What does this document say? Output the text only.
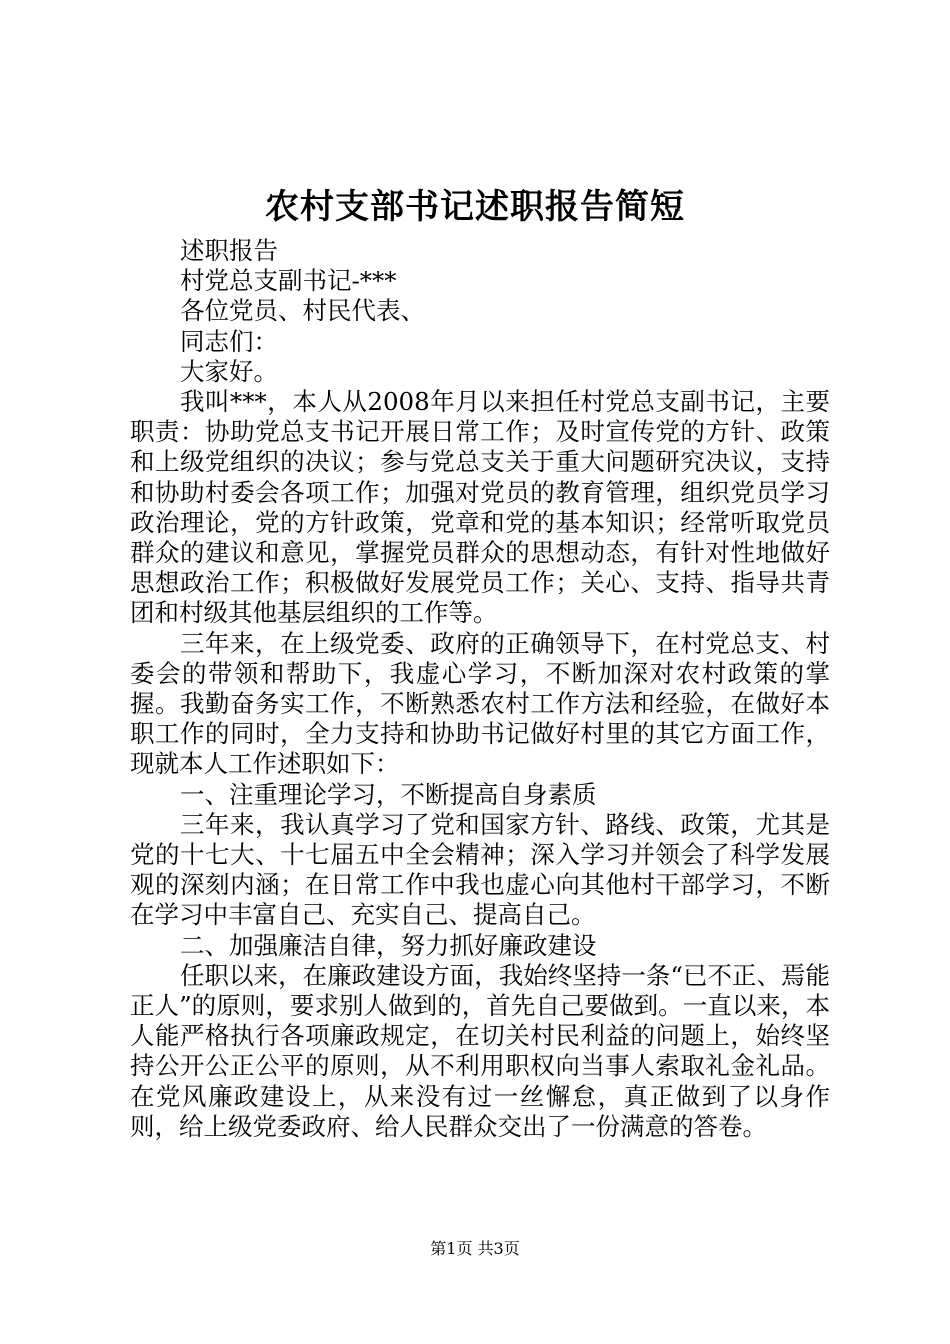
农村支部书记述职报告简短

述职报告

村党总支副书记-***

各位党员、村民代表、

同志们：

大家好。

我叫***，本人从2008年月以来担任村党总支副书记，主要职责：协助党总支书记开展日常工作；及时宣传党的方针、政策和上级党组织的决议；参与党总支关于重大问题研究决议，支持和协助村委会各项工作；加强对党员的教育管理，组织党员学习政治理论，党的方针政策，党章和党的基本知识；经常听取党员群众的建议和意见，掌握党员群众的思想动态，有针对性地做好思想政治工作；积极做好发展党员工作；关心、支持、指导共青团和村级其他基层组织的工作等。

三年来，在上级党委、政府的正确领导下，在村党总支、村委会的带领和帮助下，我虚心学习，不断加深对农村政策的掌握。我勤奋务实工作，不断熟悉农村工作方法和经验，在做好本职工作的同时，全力支持和协助书记做好村里的其它方面工作，现就本人工作述职如下：

一、注重理论学习，不断提高自身素质

三年来，我认真学习了党和国家方针、路线、政策，尤其是党的十七大、十七届五中全会精神；深入学习并领会了科学发展观的深刻内涵；在日常工作中我也虚心向其他村干部学习，不断在学习中丰富自己、充实自己、提高自己。

二、加强廉洁自律，努力抓好廉政建设

任职以来，在廉政建设方面，我始终坚持一条“已不正、焉能正人”的原则，要求别人做到的，首先自己要做到。一直以来，本人能严格执行各项廉政规定，在切关村民利益的问题上，始终坚持公开公正公平的原则，从不利用职权向当事人索取礼金礼品。在党风廉政建设上，从来没有过一丝懈怠，真正做到了以身作则，给上级党委政府、给人民群众交出了一份满意的答卷。

第1页 共3页
